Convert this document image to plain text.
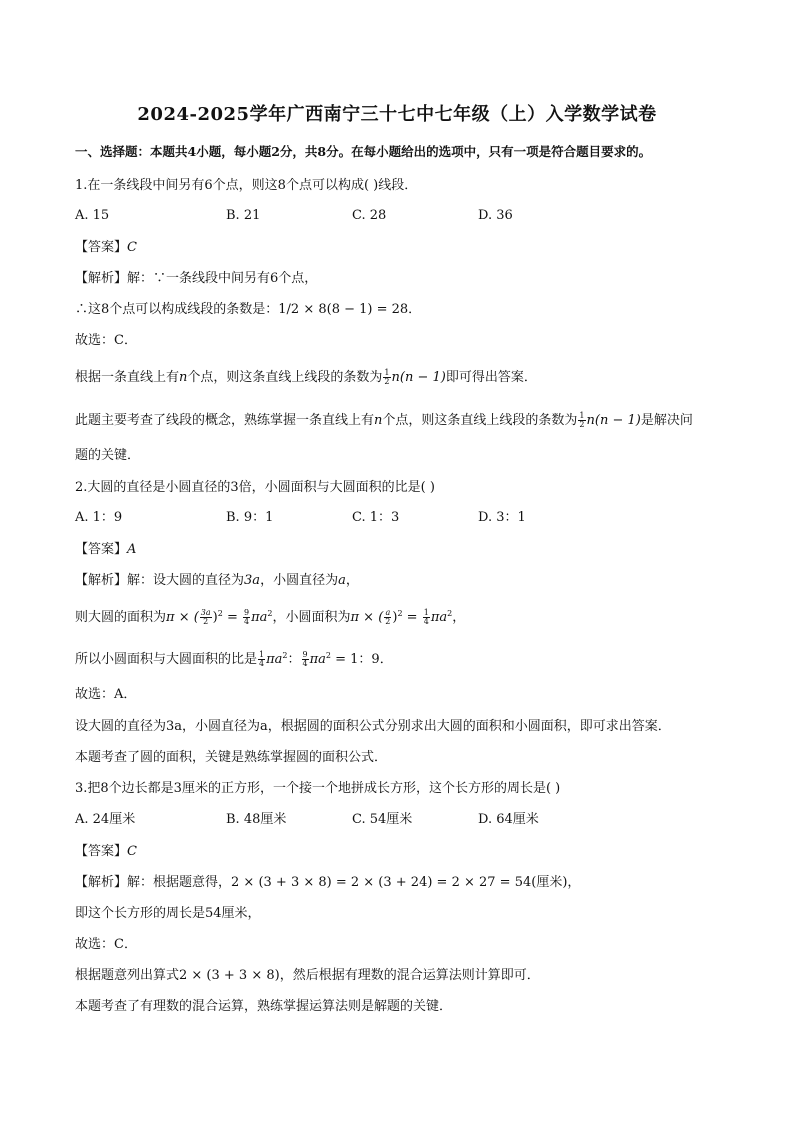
2024-2025学年广西南宁三十七中七年级（上）入学数学试卷
一、选择题：本题共4小题，每小题2分，共8分。在每小题给出的选项中，只有一项是符合题目要求的。
1.在一条线段中间另有6个点，则这8个点可以构成( )线段．
A. 15	B. 21	C. 28	D. 36
【答案】C
【解析】解：∵一条线段中间另有6个点，
∴这8个点可以构成线段的条数是：1/2 × 8(8 − 1) = 28．
故选：C．
根据一条直线上有n个点，则这条直线上线段的条数为 $\frac{1}{2} n(n - 1)$即可得出答案．
此题主要考查了线段的概念，熟练掌握一条直线上有n个点，则这条直线上线段的条数为 $\frac{1}{2} n(n - 1)$是解决问
题的关键．
2.大圆的直径是小圆直径的3倍，小圆面积与大圆面积的比是( )
A. 1：9	B. 9：1	C. 1：3	D. 3：1
【答案】A
【解析】解：设大圆的直径为3a，小圆直径为a，
则大圆的面积为π × ( $\frac{3a}{2} )^2 = \frac{9}{4} \pi a^2$，小圆面积为π × ( $\frac{a}{2} )^2 = \frac{1}{4} \pi a^2$，
所以小圆面积与大圆面积的比是 $\frac{1}{4} \pi a^2$： $\frac{9}{4} \pi a^2 = 1$：9．
故选：A．
设大圆的直径为3a，小圆直径为a，根据圆的面积公式分别求出大圆的面积和小圆面积，即可求出答案．
本题考查了圆的面积，关键是熟练掌握圆的面积公式．
3.把8个边长都是3厘米的正方形，一个接一个地拼成长方形，这个长方形的周长是( )
A. 24厘米	B. 48厘米	C. 54厘米	D. 64厘米
【答案】C
【解析】解：根据题意得，2 × (3 + 3 × 8) = 2 × (3 + 24) = 2 × 27 = 54(厘米)，
即这个长方形的周长是54厘米，
故选：C．
根据题意列出算式2 × (3 + 3 × 8)，然后根据有理数的混合运算法则计算即可．
本题考查了有理数的混合运算，熟练掌握运算法则是解题的关键．
